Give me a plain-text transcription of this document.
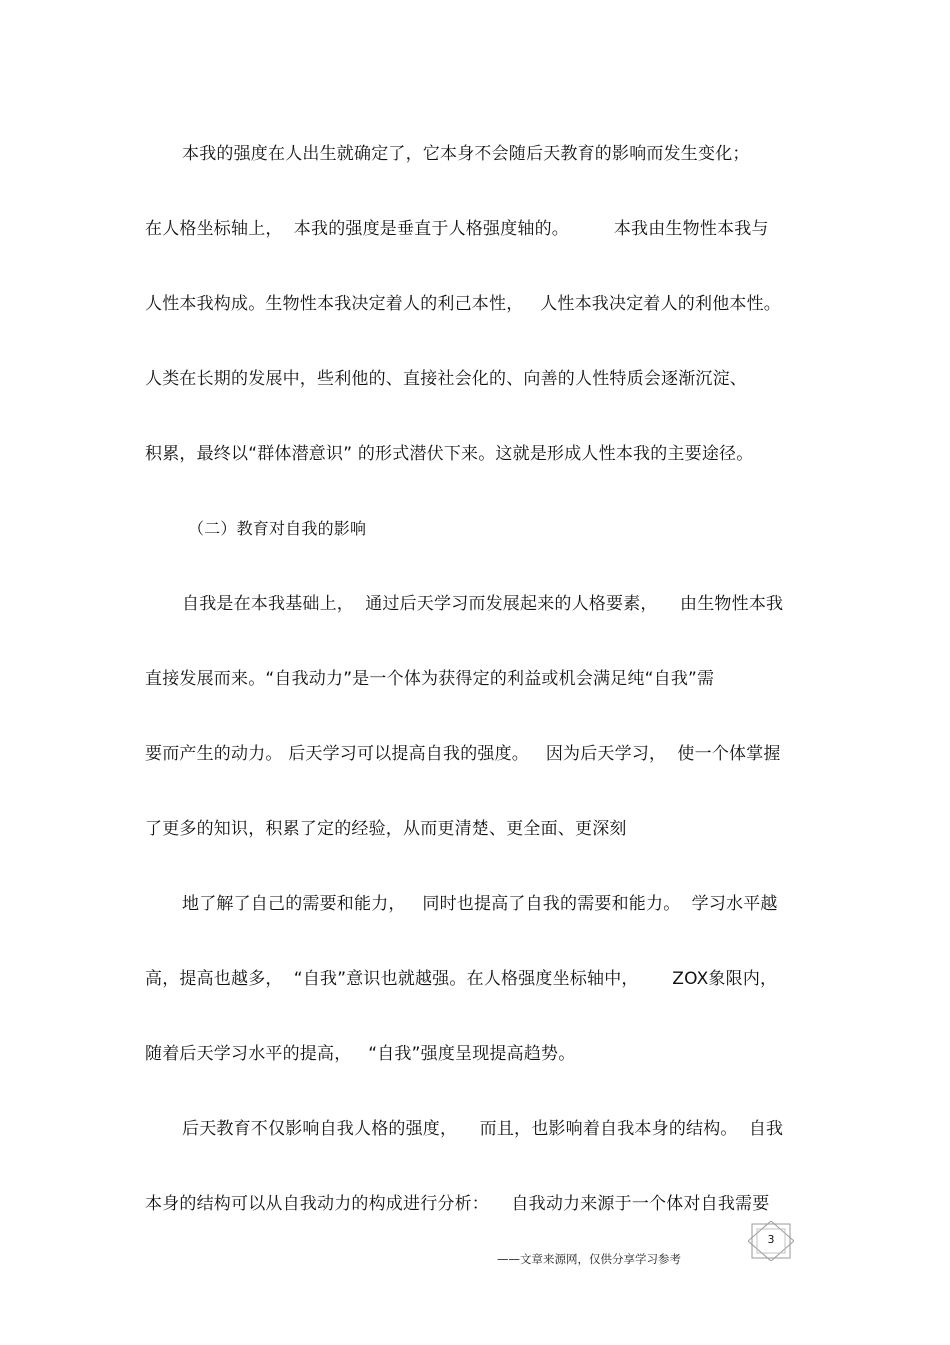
本我的强度在人出生就确定了，它本身不会随后天教育的影响而发生变化；
在人格坐标轴上，  本我的强度是垂直于人格强度轴的。        本我由生物性本我与
人性本我构成。生物性本我决定着人的利己本性，   人性本我决定着人的利他本性。
人类在长期的发展中，些利他的、直接社会化的、向善的人性特质会逐渐沉淀、
积累，最终以“群体潜意识” 的形式潜伏下来。这就是形成人性本我的主要途径。
（二）教育对自我的影响
自我是在本我基础上，  通过后天学习而发展起来的人格要素，    由生物性本我
直接发展而来。“自我动力”是一个体为获得定的利益或机会满足纯“自我”需
要而产生的动力。 后天学习可以提高自我的强度。   因为后天学习，  使一个体掌握
了更多的知识，积累了定的经验，从而更清楚、更全面、更深刻
地了解了自己的需要和能力，   同时也提高了自我的需要和能力。  学习水平越
高，提高也越多，  “自我”意识也就越强。在人格强度坐标轴中，      ZOX象限内，
随着后天学习水平的提高，   “自我”强度呈现提高趋势。
后天教育不仅影响自我人格的强度，    而且，也影响着自我本身的结构。  自我
本身的结构可以从自我动力的构成进行分析：    自我动力来源于一个体对自我需要
3
——文章来源网，仅供分享学习参考
